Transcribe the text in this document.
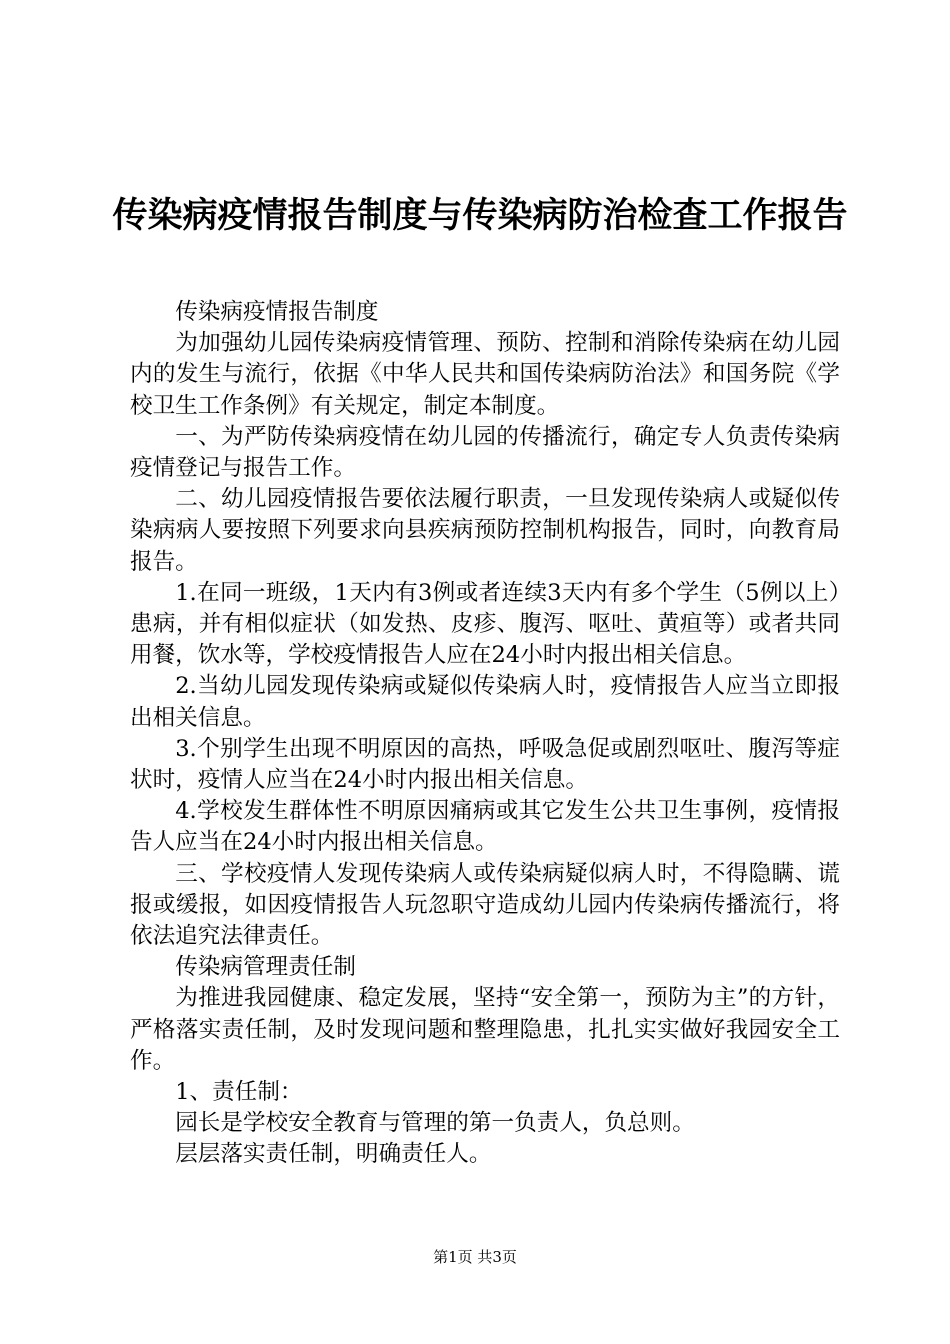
传染病疫情报告制度与传染病防治检查工作报告

传染病疫情报告制度

为加强幼儿园传染病疫情管理、预防、控制和消除传染病在幼儿园内的发生与流行，依据《中华人民共和国传染病防治法》和国务院《学校卫生工作条例》有关规定，制定本制度。

一、为严防传染病疫情在幼儿园的传播流行，确定专人负责传染病疫情登记与报告工作。

二、幼儿园疫情报告要依法履行职责，一旦发现传染病人或疑似传染病病人要按照下列要求向县疾病预防控制机构报告，同时，向教育局报告。

1.在同一班级，1天内有3例或者连续3天内有多个学生（5例以上）患病，并有相似症状（如发热、皮疹、腹泻、呕吐、黄疸等）或者共同用餐，饮水等，学校疫情报告人应在24小时内报出相关信息。

2.当幼儿园发现传染病或疑似传染病人时，疫情报告人应当立即报出相关信息。

3.个别学生出现不明原因的高热，呼吸急促或剧烈呕吐、腹泻等症状时，疫情人应当在24小时内报出相关信息。

4.学校发生群体性不明原因痛病或其它发生公共卫生事例，疫情报告人应当在24小时内报出相关信息。

三、学校疫情人发现传染病人或传染病疑似病人时，不得隐瞒、谎报或缓报，如因疫情报告人玩忽职守造成幼儿园内传染病传播流行，将依法追究法律责任。

传染病管理责任制

为推进我园健康、稳定发展，坚持“安全第一，预防为主”的方针，严格落实责任制，及时发现问题和整理隐患，扎扎实实做好我园安全工作。

1、责任制：

园长是学校安全教育与管理的第一负责人，负总则。

层层落实责任制，明确责任人。

第1页 共3页
